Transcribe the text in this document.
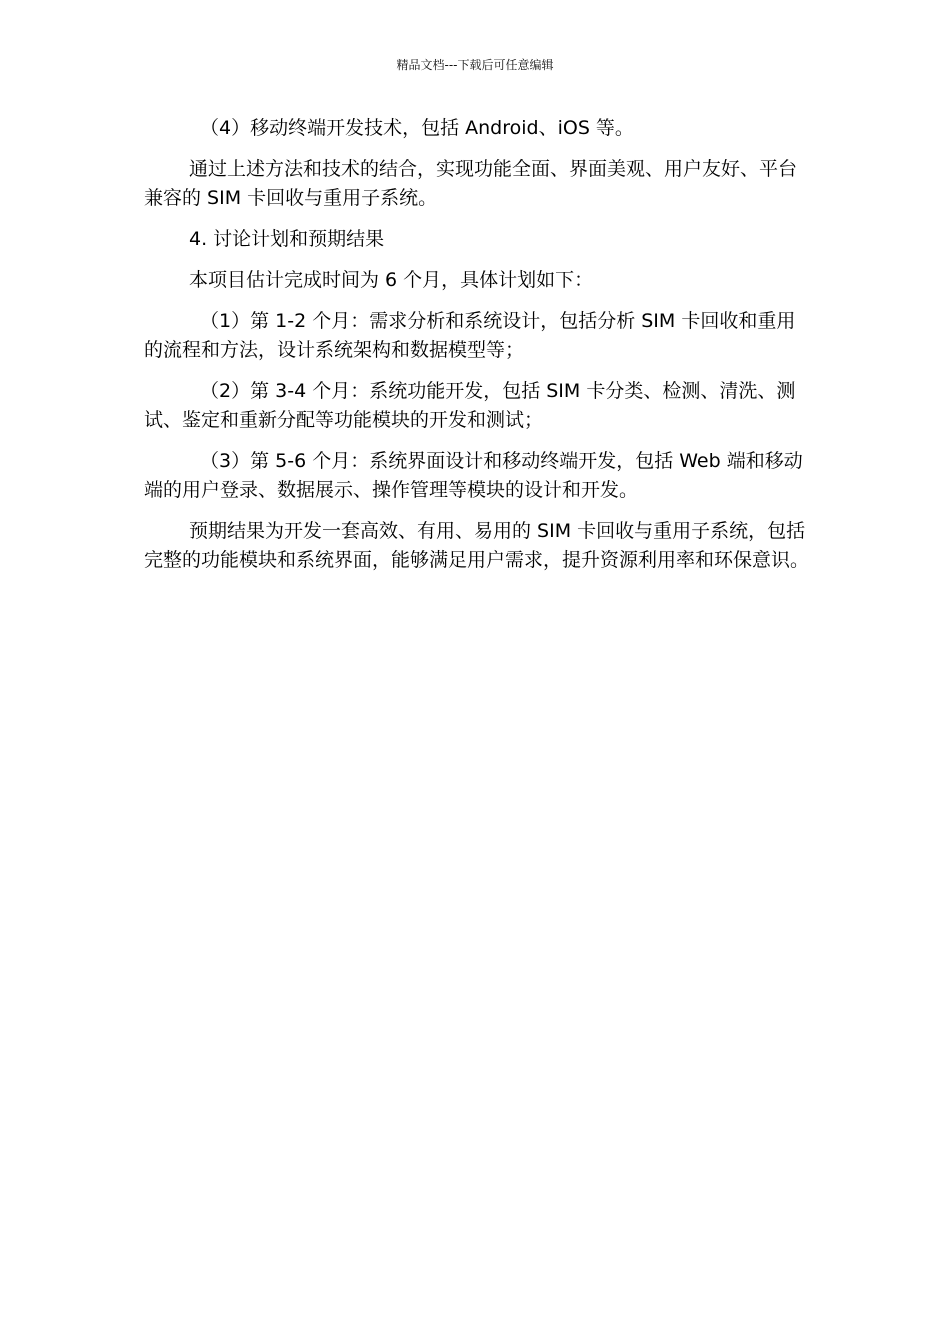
精品文档---下载后可任意编辑

（4）移动终端开发技术，包括 Android、iOS 等。

通过上述方法和技术的结合，实现功能全面、界面美观、用户友好、平台兼容的 SIM 卡回收与重用子系统。

4. 讨论计划和预期结果

本项目估计完成时间为 6 个月，具体计划如下：

（1）第 1-2 个月：需求分析和系统设计，包括分析 SIM 卡回收和重用的流程和方法，设计系统架构和数据模型等；

（2）第 3-4 个月：系统功能开发，包括 SIM 卡分类、检测、清洗、测试、鉴定和重新分配等功能模块的开发和测试；

（3）第 5-6 个月：系统界面设计和移动终端开发，包括 Web 端和移动端的用户登录、数据展示、操作管理等模块的设计和开发。

预期结果为开发一套高效、有用、易用的 SIM 卡回收与重用子系统，包括完整的功能模块和系统界面，能够满足用户需求，提升资源利用率和环保意识。
